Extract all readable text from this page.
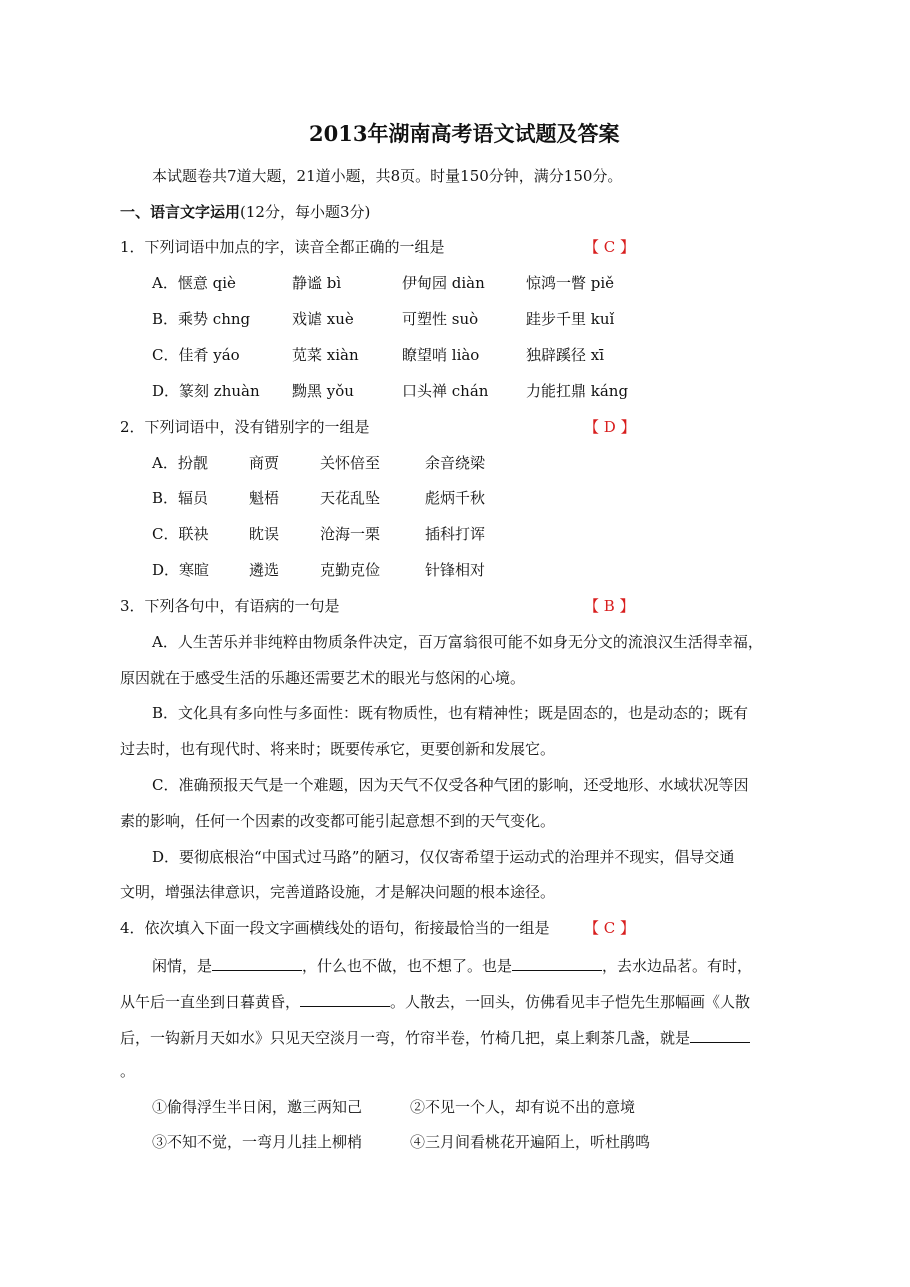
2013年湖南高考语文试题及答案
本试题卷共7道大题，21道小题，共8页。时量150分钟，满分150分。
一、语言文字运用(12分，每小题3分)
1．下列词语中加点的字，读音全都正确的一组是	【 C 】
A．惬意 qiè	静谧 bì	伊甸园 diàn	惊鸿一瞥 piě
B．乘势 chng	戏谑 xuè	可塑性 suò	跬步千里 kuǐ
C．佳肴 yáo	苋菜 xiàn	瞭望哨 liào	独辟蹊径 xī
D．篆刻 zhuàn 黝黑 yǒu	口头禅 chán	力能扛鼎 káng
2．下列词语中，没有错别字的一组是	【 D 】
A．扮靓	商贾	关怀倍至	余音绕梁
B．辐员	魁梧	天花乱坠	彪炳千秋
C．联袂	眈误	沧海一栗	插科打诨
D．寒暄	遴选	克勤克俭	针锋相对
3．下列各句中，有语病的一句是	【 B 】
A．人生苦乐并非纯粹由物质条件决定，百万富翁很可能不如身无分文的流浪汉生活得幸福，
原因就在于感受生活的乐趣还需要艺术的眼光与悠闲的心境。
B．文化具有多向性与多面性：既有物质性，也有精神性；既是固态的，也是动态的；既有
过去时，也有现代时、将来时；既要传承它，更要创新和发展它。
C．准确预报天气是一个难题，因为天气不仅受各种气团的影响，还受地形、水域状况等因
素的影响，任何一个因素的改变都可能引起意想不到的天气变化。
D．要彻底根治“中国式过马路”的陋习，仅仅寄希望于运动式的治理并不现实，倡导交通
文明，增强法律意识，完善道路设施，才是解决问题的根本途径。
4．依次填入下面一段文字画横线处的语句，衔接最恰当的一组是 【 C 】
闲情，是	，什么也不做，也不想了。也是	，去水边品茗。有时，
从午后一直坐到日暮黄昏，	。人散去，一回头，仿佛看见丰子恺先生那幅画《人散
后，一钩新月天如水》只见天空淡月一弯，竹帘半卷，竹椅几把，桌上剩茶几盏，就是
。
①偷得浮生半日闲，邀三两知己	②不见一个人，却有说不出的意境
③不知不觉，一弯月儿挂上柳梢	④三月间看桃花开遍陌上，听杜鹃鸣
